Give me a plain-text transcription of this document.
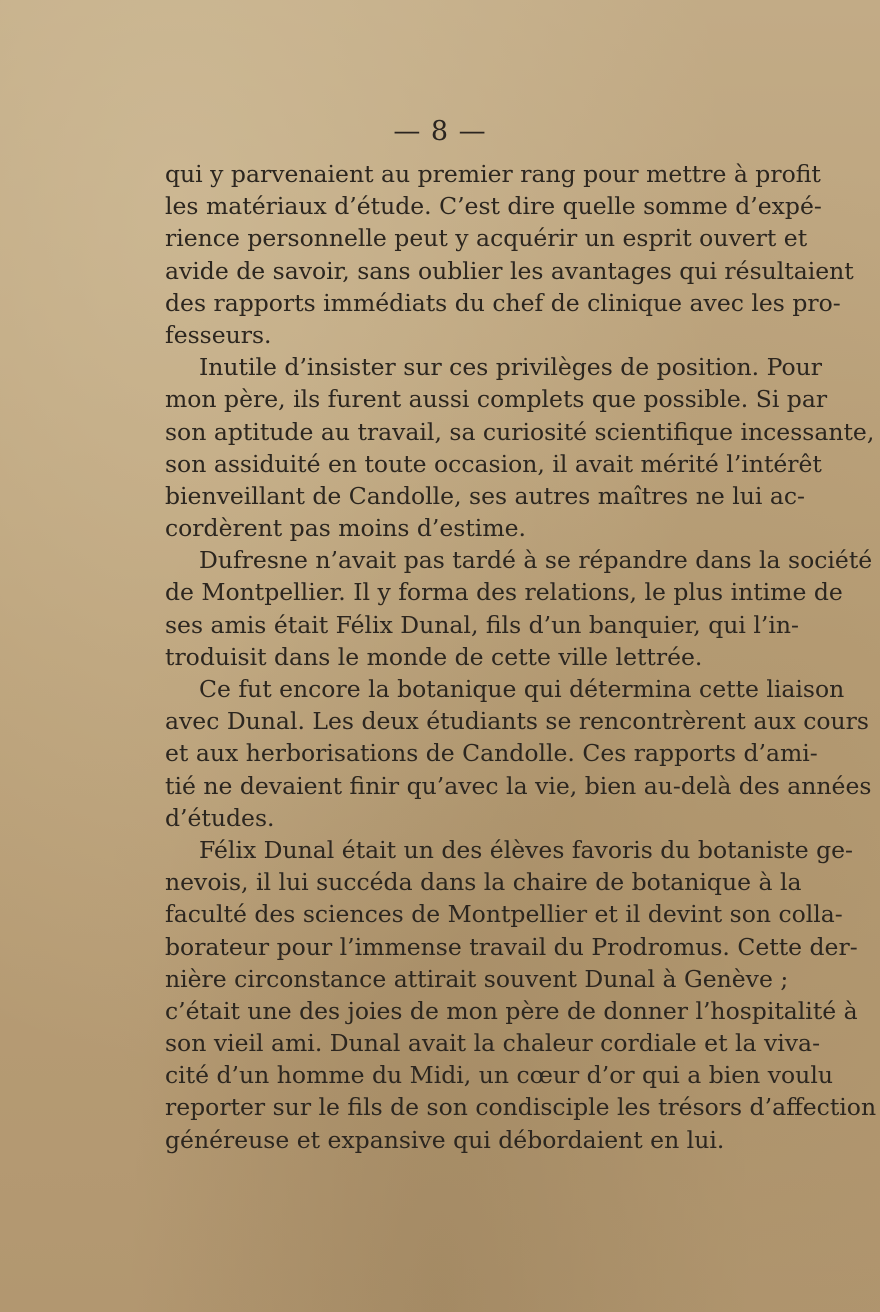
— 8 —
qui y parvenaient au premier rang pour mettre à profit
les matériaux d’étude. C’est dire quelle somme d’expé-
rience personnelle peut y acquérir un esprit ouvert et
avide de savoir, sans oublier les avantages qui résultaient
des rapports immédiats du chef de clinique avec les pro-
fesseurs.
Inutile d’insister sur ces privilèges de position. Pour
mon père, ils furent aussi complets que possible. Si par
son aptitude au travail, sa curiosité scientifique incessante,
son assiduité en toute occasion, il avait mérité l’intérêt
bienveillant de Candolle, ses autres maîtres ne lui ac-
cordèrent pas moins d’estime.
Dufresne n’avait pas tardé à se répandre dans la société
de Montpellier. Il y forma des relations, le plus intime de
ses amis était Félix Dunal, fils d’un banquier, qui l’in-
troduisit dans le monde de cette ville lettrée.
Ce fut encore la botanique qui détermina cette liaison
avec Dunal. Les deux étudiants se rencontrèrent aux cours
et aux herborisations de Candolle. Ces rapports d’ami-
tié ne devaient finir qu’avec la vie, bien au-delà des années
d’études.
Félix Dunal était un des élèves favoris du botaniste ge-
nevois, il lui succéda dans la chaire de botanique à la
faculté des sciences de Montpellier et il devint son colla-
borateur pour l’immense travail du Prodromus. Cette der-
nière circonstance attirait souvent Dunal à Genève ;
c’était une des joies de mon père de donner l’hospitalité à
son vieil ami. Dunal avait la chaleur cordiale et la viva-
cité d’un homme du Midi, un cœur d’or qui a bien voulu
reporter sur le fils de son condisciple les trésors d’affection
généreuse et expansive qui débordaient en lui.
